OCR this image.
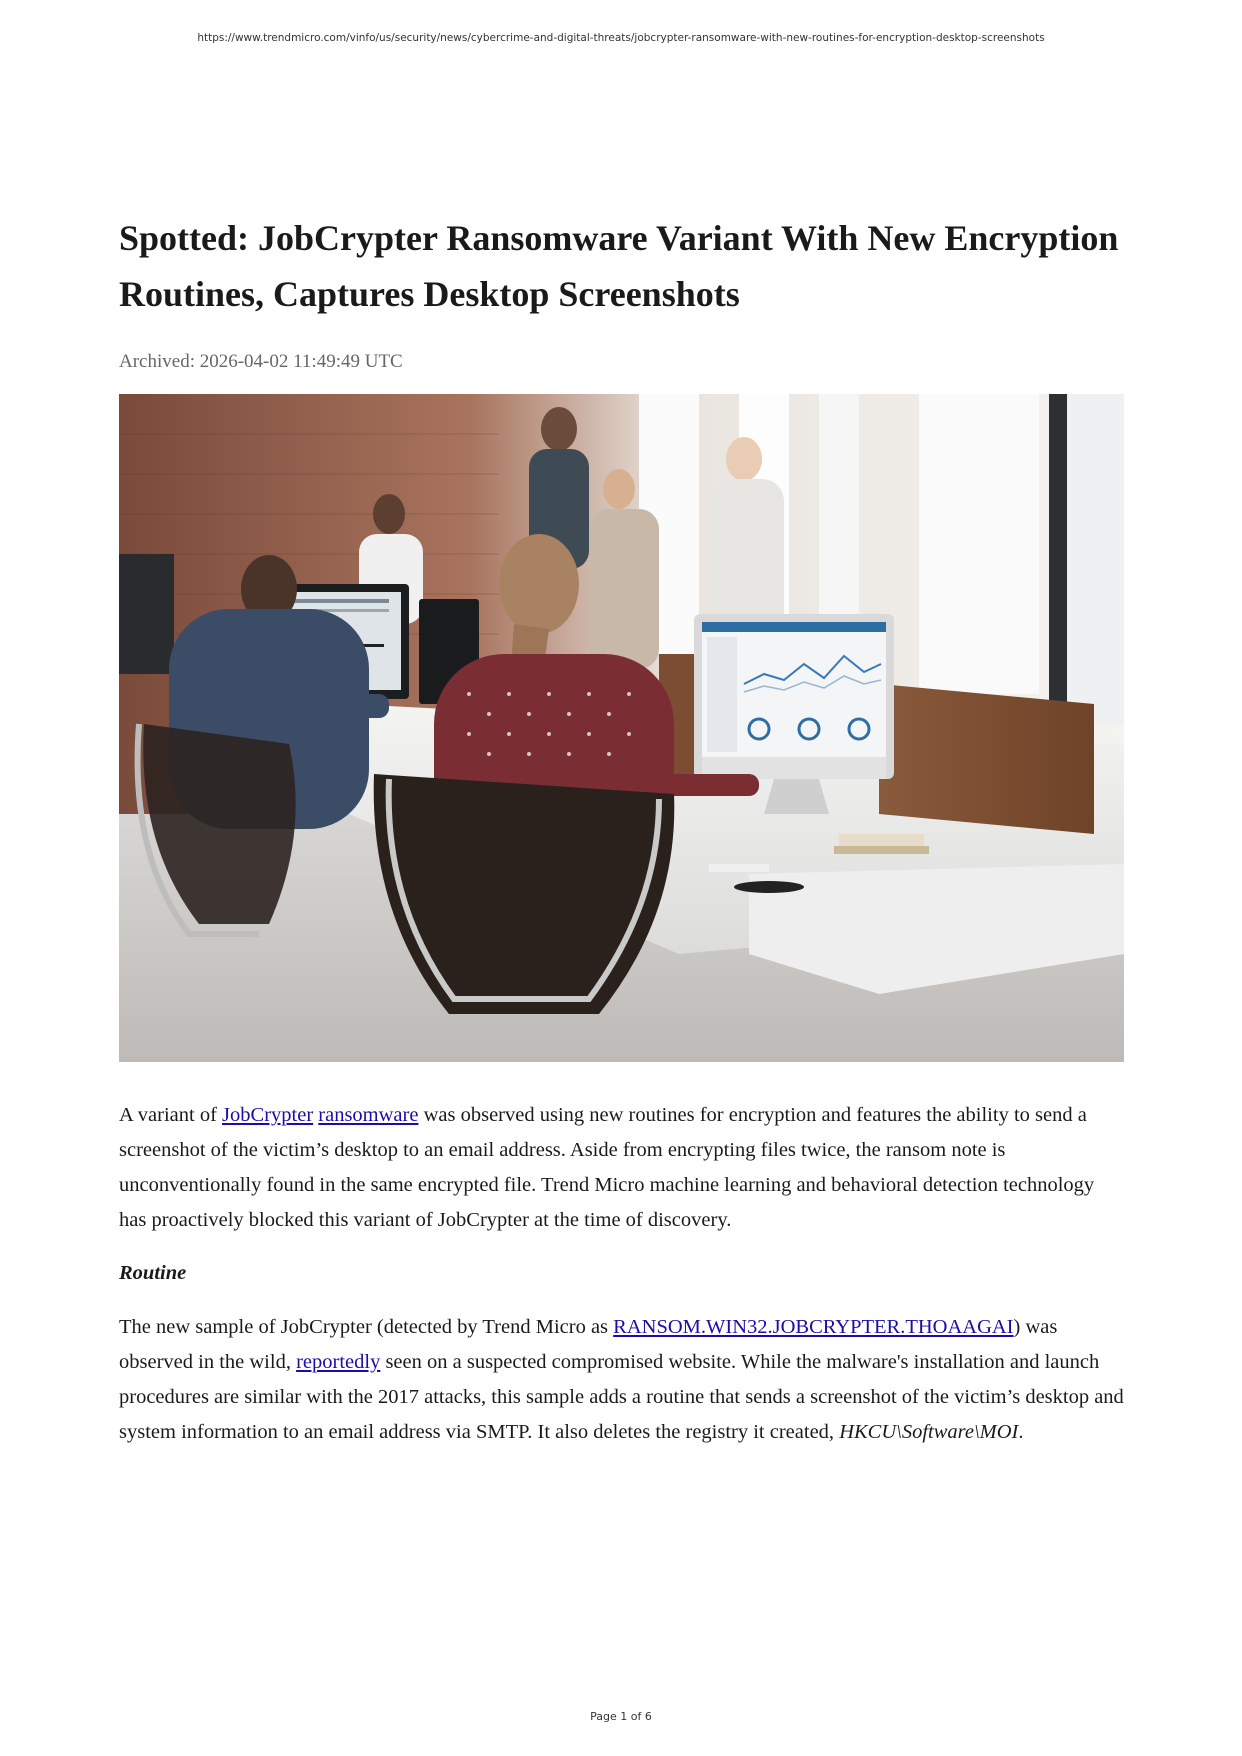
https://www.trendmicro.com/vinfo/us/security/news/cybercrime-and-digital-threats/jobcrypter-ransomware-with-new-routines-for-encryption-desktop-screenshots
Spotted: JobCrypter Ransomware Variant With New Encryption Routines, Captures Desktop Screenshots
Archived: 2026-04-02 11:49:49 UTC

A variant of JobCrypter ransomware was observed using new routines for encryption and features the ability to send a screenshot of the victim’s desktop to an email address. Aside from encrypting files twice, the ransom note is unconventionally found in the same encrypted file. Trend Micro machine learning and behavioral detection technology has proactively blocked this variant of JobCrypter at the time of discovery.

Routine

The new sample of JobCrypter (detected by Trend Micro as RANSOM.WIN32.JOBCRYPTER.THOAAGAI) was observed in the wild, reportedly seen on a suspected compromised website. While the malware's installation and launch procedures are similar with the 2017 attacks, this sample adds a routine that sends a screenshot of the victim’s desktop and system information to an email address via SMTP. It also deletes the registry it created, HKCU\Software\MOI.

Page 1 of 6
